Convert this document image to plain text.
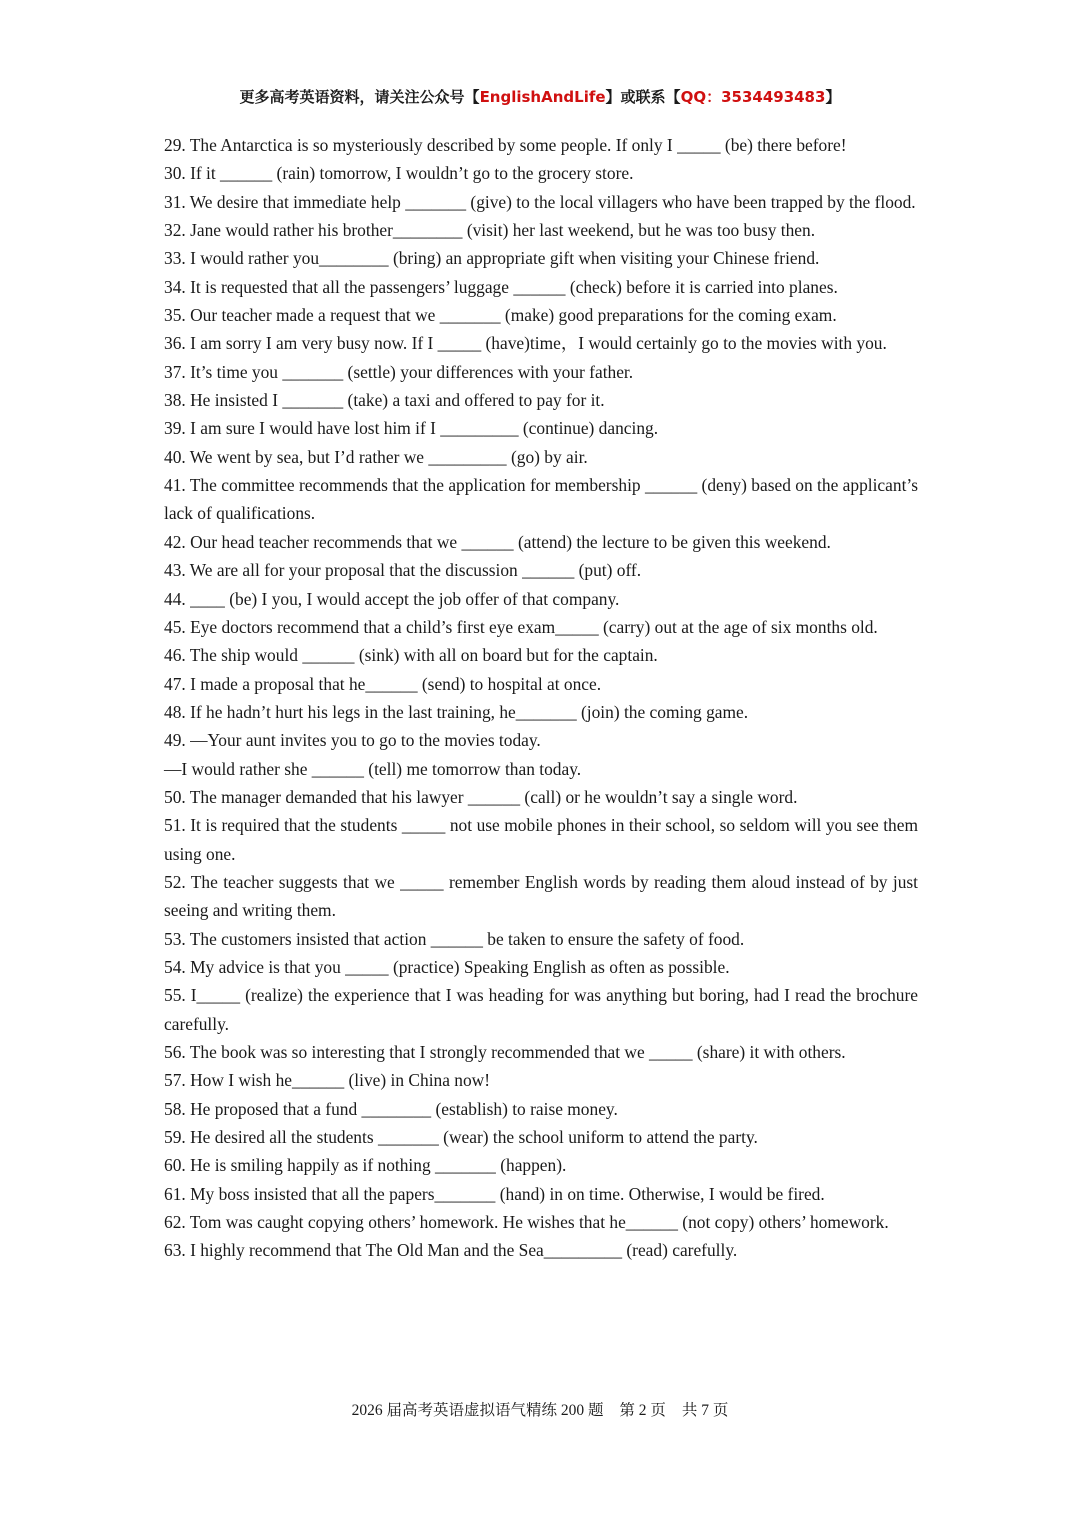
更多高考英语资料，请关注公众号【EnglishAndLife】或联系【QQ：3534493483】

29. The Antarctica is so mysteriously described by some people. If only I _____ (be) there before!

30. If it ______ (rain) tomorrow, I wouldn’t go to the grocery store.

31. We desire that immediate help _______ (give) to the local villagers who have been trapped by the flood.

32. Jane would rather his brother________ (visit) her last weekend, but he was too busy then.

33. I would rather you________ (bring) an appropriate gift when visiting your Chinese friend.

34. It is requested that all the passengers’ luggage ______ (check) before it is carried into planes.

35. Our teacher made a request that we _______ (make) good preparations for the coming exam.

36. I am sorry I am very busy now. If I _____ (have)time，I would certainly go to the movies with you.

37. It’s time you _______ (settle) your differences with your father.

38. He insisted I _______ (take) a taxi and offered to pay for it.

39. I am sure I would have lost him if I _________ (continue) dancing.

40. We went by sea, but I’d rather we _________ (go) by air.

41. The committee recommends that the application for membership ______ (deny) based on the applicant’s lack of qualifications.

42. Our head teacher recommends that we ______ (attend) the lecture to be given this weekend.

43. We are all for your proposal that the discussion ______ (put) off.

44. ____ (be) I you, I would accept the job offer of that company.

45. Eye doctors recommend that a child’s first eye exam_____ (carry) out at the age of six months old.

46. The ship would ______ (sink) with all on board but for the captain.

47. I made a proposal that he______ (send) to hospital at once.

48. If he hadn’t hurt his legs in the last training, he_______ (join) the coming game.

49. —Your aunt invites you to go to the movies today.

—I would rather she ______ (tell) me tomorrow than today.

50. The manager demanded that his lawyer ______ (call) or he wouldn’t say a single word.

51. It is required that the students _____ not use mobile phones in their school, so seldom will you see them using one.

52. The teacher suggests that we _____ remember English words by reading them aloud instead of by just seeing and writing them.

53. The customers insisted that action ______ be taken to ensure the safety of food.

54. My advice is that you _____ (practice) Speaking English as often as possible.

55. I_____ (realize) the experience that I was heading for was anything but boring, had I read the brochure carefully.

56. The book was so interesting that I strongly recommended that we _____ (share) it with others.

57. How I wish he______ (live) in China now!

58. He proposed that a fund ________ (establish) to raise money.

59. He desired all the students _______ (wear) the school uniform to attend the party.

60. He is smiling happily as if nothing _______ (happen).

61. My boss insisted that all the papers_______ (hand) in on time. Otherwise, I would be fired.

62. Tom was caught copying others’ homework. He wishes that he______ (not copy) others’ homework.

63. I highly recommend that The Old Man and the Sea_________ (read) carefully.

2026 届高考英语虚拟语气精练 200 题 第 2 页 共 7 页
